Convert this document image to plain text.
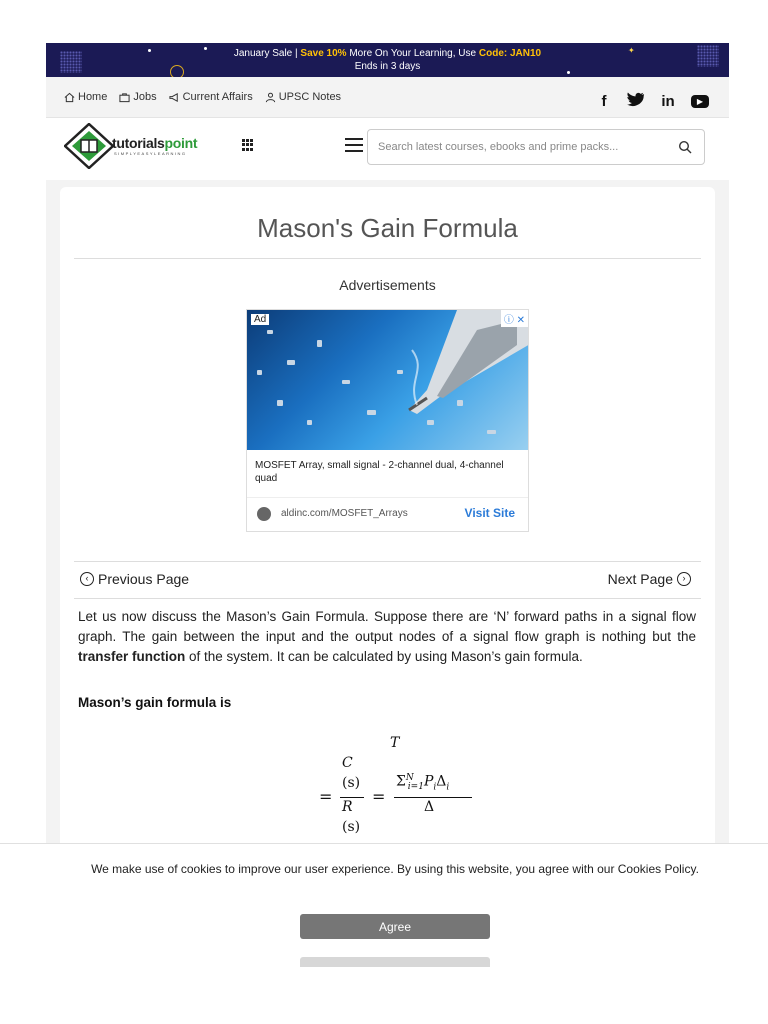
✦
January Sale | Save 10% More On Your Learning, Use Code: JAN10
Ends in 3 days
Home Jobs Current Affairs UPSC Notes	f	in	▶
tutorialspoint
SIMPLYEASYLEARNING
Search latest courses, ebooks and prime packs...
Mason's Gain Formula
Advertisements
Ad	ⓘ ✕
MOSFET Array, small signal - 2-channel dual, 4-channel quad
aldinc.com/MOSFET_Arrays	Visit Site
‹ Previous Page	Next Page	›

Let us now discuss the Mason’s Gain Formula. Suppose there are ‘N’ forward paths in a signal flow graph. The gain between the input and the output nodes of a signal flow graph is nothing but the transfer function of the system. It can be calculated by using Mason’s gain formula.

Mason’s gain formula is
T
C
(s)
=
R
(s)
=
$\Sigma^N_{i=1}P_i\Delta_i$
Δ
We make use of cookies to improve our user experience. By using this website, you agree with our Cookies Policy.
Agree
